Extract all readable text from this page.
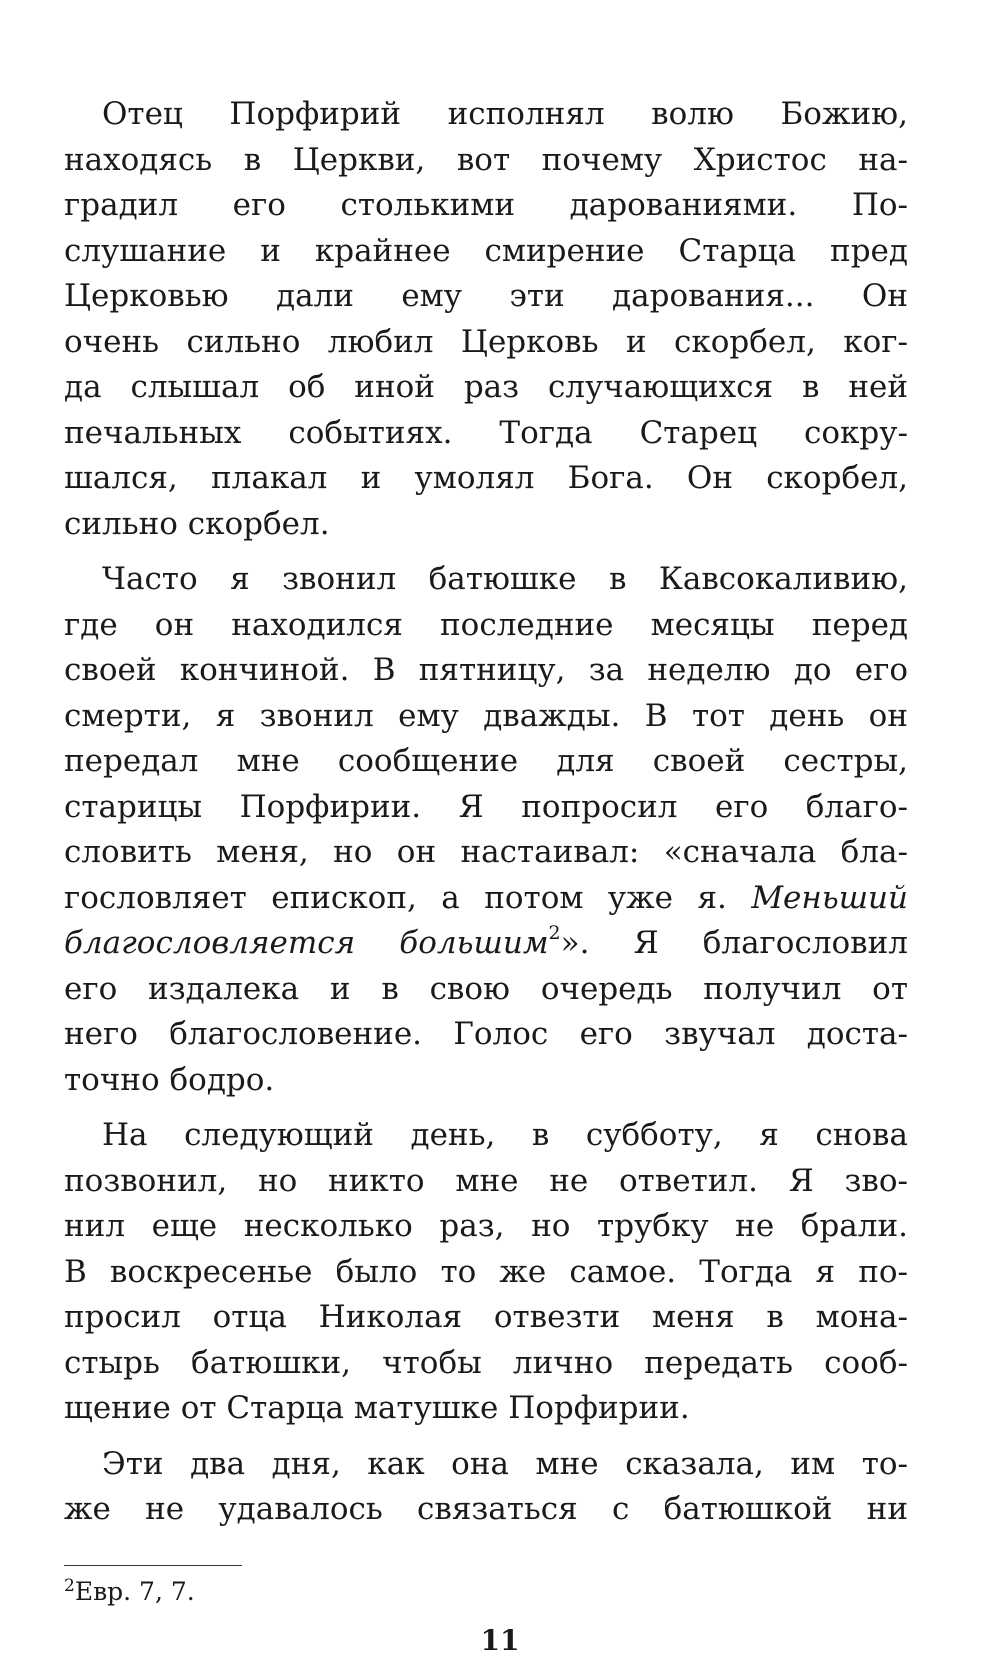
Отец Порфирий исполнял волю Божию,
находясь в Церкви, вот почему Христос на-
градил его столькими дарованиями. По-
слушание и крайнее смирение Старца пред
Церковью дали ему эти дарования... Он
очень сильно любил Церковь и скорбел, ког-
да слышал об иной раз случающихся в ней
печальных событиях. Тогда Старец сокру-
шался, плакал и умолял Бога. Он скорбел,
сильно скорбел.
Часто я звонил батюшке в Кавсокаливию,
где он находился последние месяцы перед
своей кончиной. В пятницу, за неделю до его
смерти, я звонил ему дважды. В тот день он
передал мне сообщение для своей сестры,
старицы Порфирии. Я попросил его благо-
словить меня, но он настаивал: «сначала бла-
гословляет епископ, а потом уже я. Меньший
благословляется большим$^2$». Я благословил
его издалека и в свою очередь получил от
него благословение. Голос его звучал доста-
точно бодро.
На следующий день, в субботу, я снова
позвонил, но никто мне не ответил. Я зво-
нил еще несколько раз, но трубку не брали.
В воскресенье было то же самое. Тогда я по-
просил отца Николая отвезти меня в мона-
стырь батюшки, чтобы лично передать сооб-
щение от Старца матушке Порфирии.
Эти два дня, как она мне сказала, им то-
же не удавалось связаться с батюшкой ни
$^2$Евр. 7, 7.
11
